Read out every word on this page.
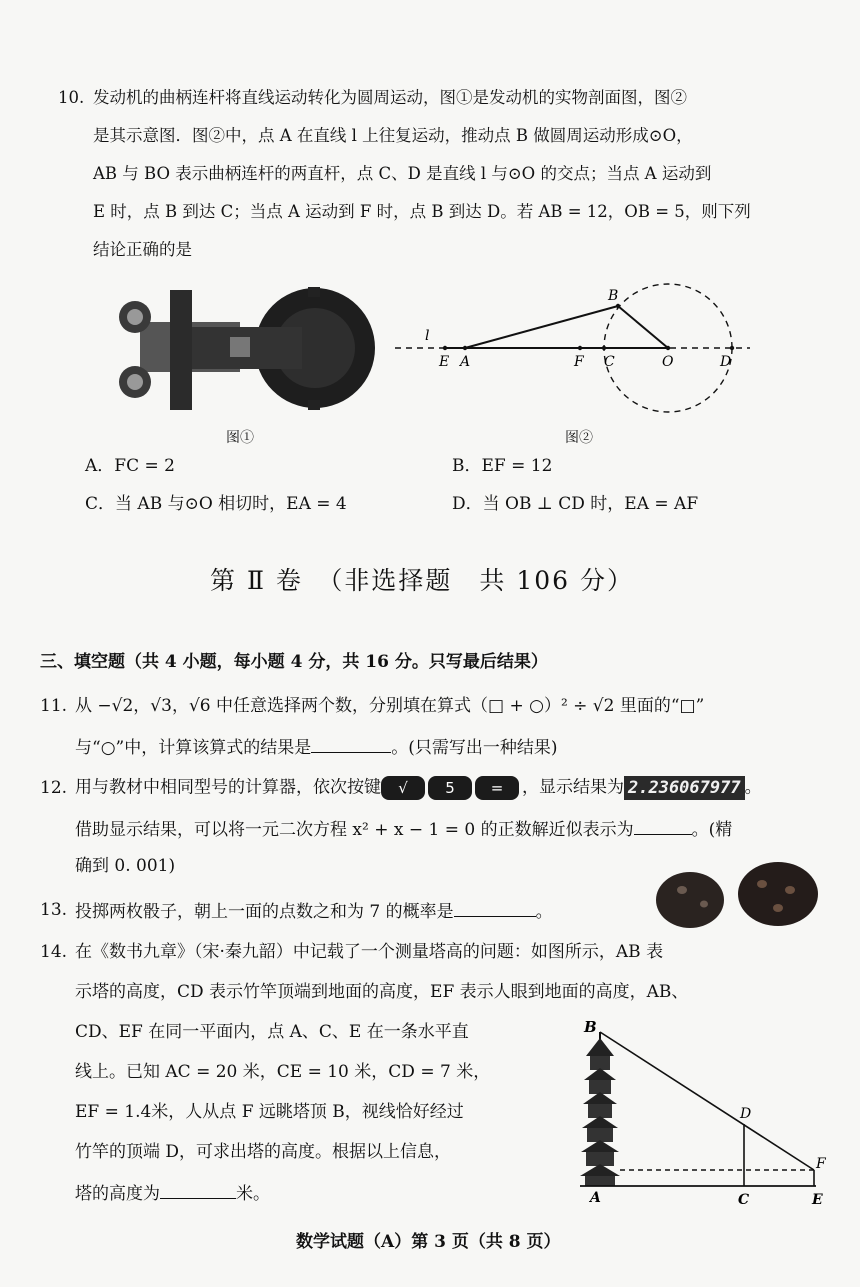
10. 发动机的曲柄连杆将直线运动转化为圆周运动，图①是发动机的实物剖面图，图②
是其示意图．图②中，点 A 在直线 l 上往复运动，推动点 B 做圆周运动形成⊙O，
AB 与 BO 表示曲柄连杆的两直杆，点 C、D 是直线 l 与⊙O 的交点；当点 A 运动到
E 时，点 B 到达 C；当点 A 运动到 F 时，点 B 到达 D。若 AB = 12，OB = 5，则下列
结论正确的是
图①
l
E A	F C	O	D
B
图②
A．FC = 2	B．EF = 12
C．当 AB 与⊙O 相切时，EA = 4	D．当 OB ⊥ CD 时，EA = AF
第 Ⅱ 卷　（非选择题　共 106 分）
三、填空题（共 4 小题，每小题 4 分，共 16 分。只写最后结果）
11. 从 −√2，√3，√6 中任意选择两个数，分别填在算式（□ + ○）² ÷ √2 里面的“□”
与“○”中，计算该算式的结果是	。(只需写出一种结果)
12. 用与教材中相同型号的计算器，依次按键 √ 5 = ，显示结果为 2.236067977 。
借助显示结果，可以将一元二次方程 x² + x − 1 = 0 的正数解近似表示为	。(精
确到 0. 001)
13. 投掷两枚骰子，朝上一面的点数之和为 7 的概率是	。
14. 在《数书九章》（宋·秦九韶）中记载了一个测量塔高的问题：如图所示，AB 表
示塔的高度，CD 表示竹竿顶端到地面的高度，EF 表示人眼到地面的高度，AB、
CD、EF 在同一平面内，点 A、C、E 在一条水平直
线上。已知 AC = 20 米，CE = 10 米，CD = 7 米，
EF = 1.4米，人从点 F 远眺塔顶 B，视线恰好经过
竹竿的顶端 D，可求出塔的高度。根据以上信息，
塔的高度为	米。
B
A
D
C
F
E
数学试题（A）第 3 页（共 8 页）
